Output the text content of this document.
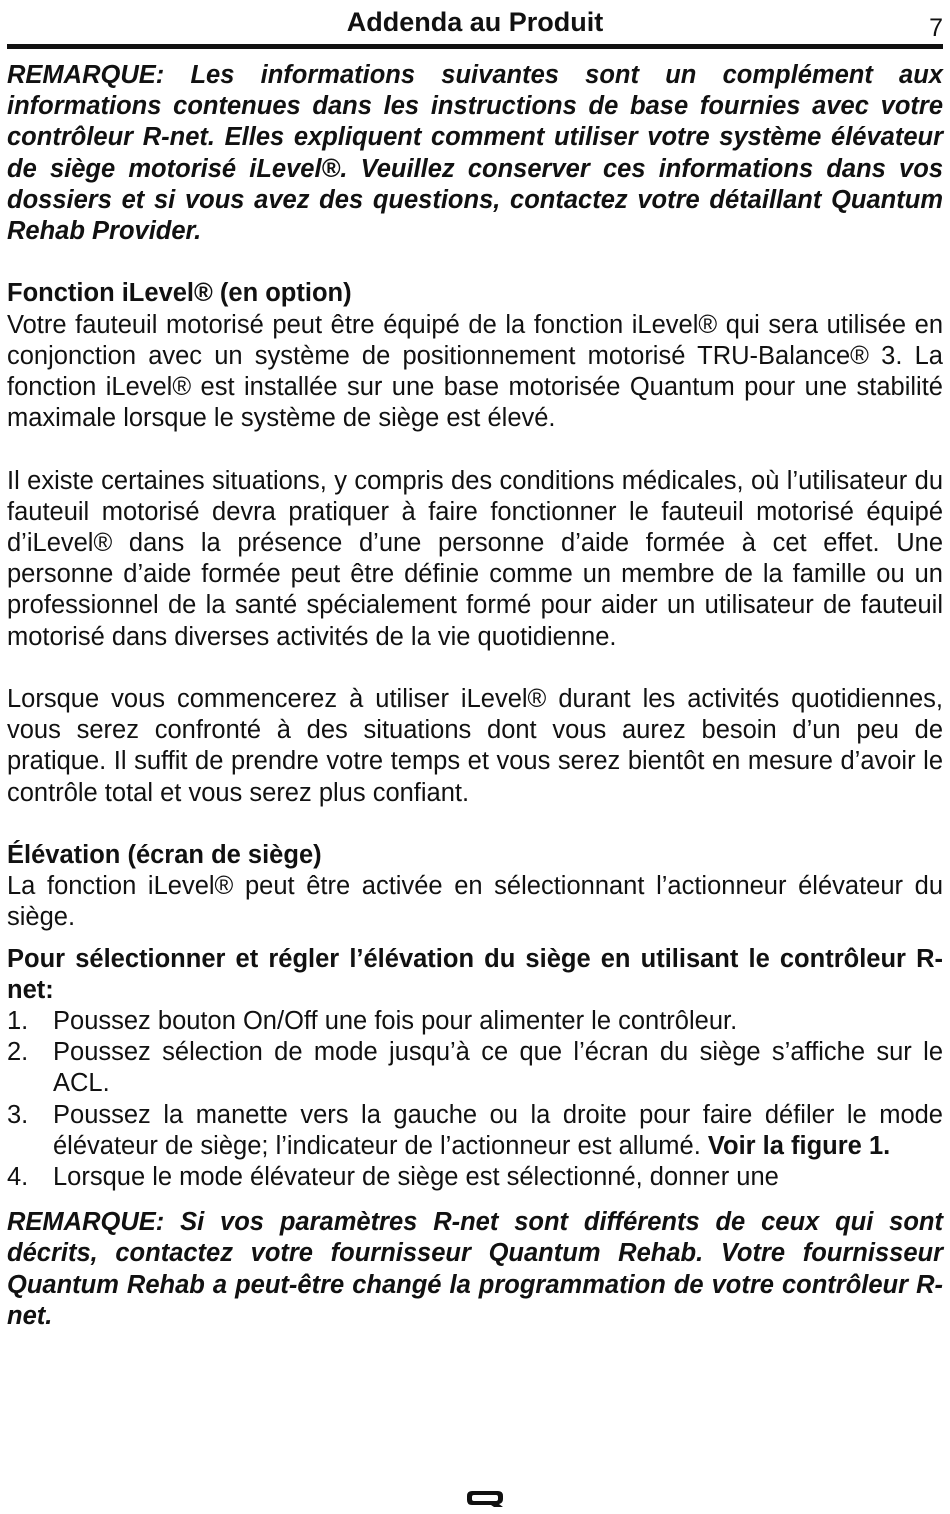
Addenda au Produit	7

REMARQUE: Les informations suivantes sont un complément aux informations contenues dans les instructions de base fournies avec votre contrôleur R-net. Elles expliquent comment utiliser votre système élévateur de siège motorisé iLevel®. Veuillez conserver ces informations dans vos dossiers et si vous avez des questions, contactez votre détaillant Quantum Rehab Provider.

Fonction iLevel® (en option)

Votre fauteuil motorisé peut être équipé de la fonction iLevel® qui sera utilisée en conjonction avec un système de positionnement motorisé TRU-Balance® 3. La fonction iLevel® est installée sur une base motorisée Quantum pour une stabilité maximale lorsque le système de siège est élevé.

Il existe certaines situations, y compris des conditions médicales, où l’utilisateur du fauteuil motorisé devra pratiquer à faire fonctionner le fauteuil motorisé équipé d’iLevel® dans la présence d’une personne d’aide formée à cet effet. Une personne d’aide formée peut être définie comme un membre de la famille ou un professionnel de la santé spécialement formé pour aider un utilisateur de fauteuil motorisé dans diverses activités de la vie quotidienne.

Lorsque vous commencerez à utiliser iLevel® durant les activités quotidiennes, vous serez confronté à des situations dont vous aurez besoin d’un peu de pratique. Il suffit de prendre votre temps et vous serez bientôt en mesure d’avoir le contrôle total et vous serez plus confiant.

Élévation (écran de siège)

La fonction iLevel® peut être activée en sélectionnant l’actionneur élévateur du siège.

Pour sélectionner et régler l’élévation du siège en utilisant le contrôleur R-net:

1. Poussez bouton On/Off une fois pour alimenter le contrôleur.
2. Poussez sélection de mode jusqu’à ce que l’écran du siège s’affiche sur le ACL.
3. Poussez la manette vers la gauche ou la droite pour faire défiler le mode élévateur de siège; l’indicateur de l’actionneur est allumé. Voir la figure 1.
4. Lorsque le mode élévateur de siège est sélectionné, donner une

REMARQUE: Si vos paramètres R-net sont différents de ceux qui sont décrits, contactez votre fournisseur Quantum Rehab. Votre fournisseur Quantum Rehab a peut-être changé la programmation de votre contrôleur R-net.
